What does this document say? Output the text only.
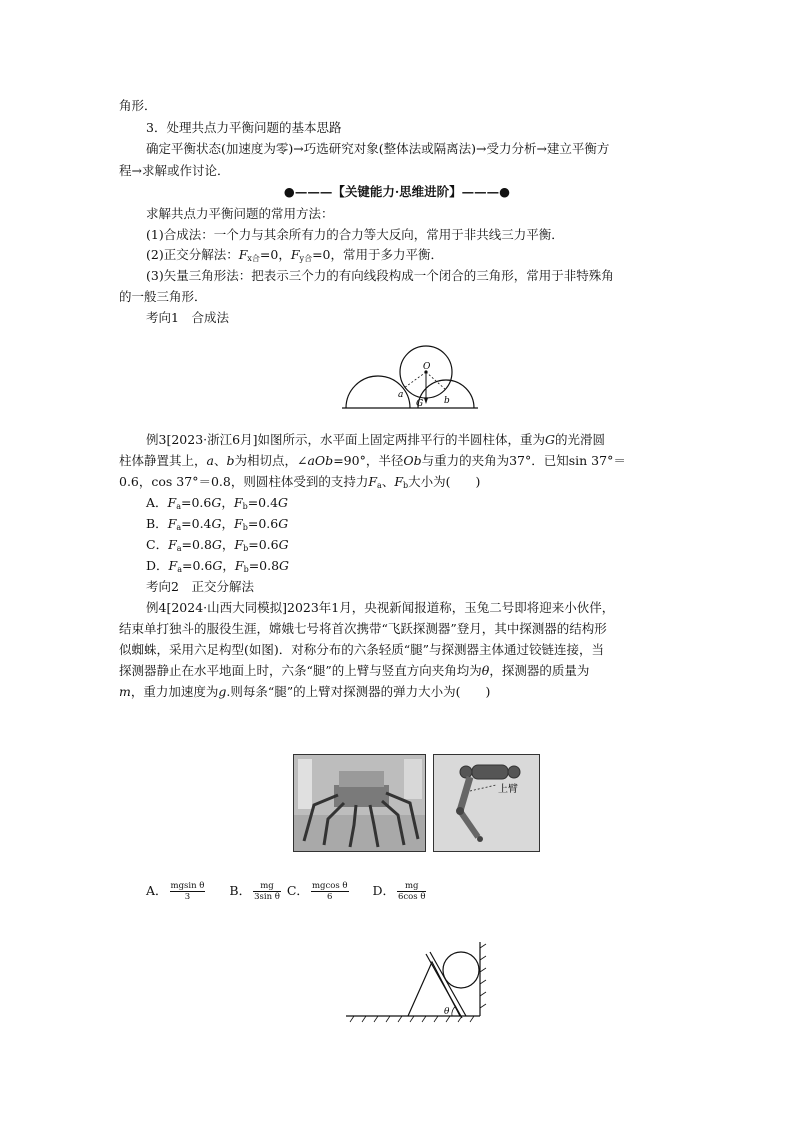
角形．
3．处理共点力平衡问题的基本思路
确定平衡状态(加速度为零)→巧选研究对象(整体法或隔离法)→受力分析→建立平衡方
程→求解或作讨论．
●———【关键能力·思维进阶】———●
求解共点力平衡问题的常用方法：
(1)合成法：一个力与其余所有力的合力等大反向，常用于非共线三力平衡．
(2)正交分解法：$F_{x合}=0$，$F_{y合}=0$，常用于多力平衡．
(3)矢量三角形法：把表示三个力的有向线段构成一个闭合的三角形，常用于非特殊角
的一般三角形．
考向1　合成法
O
a
G b
例3[2023·浙江6月]如图所示，水平面上固定两排平行的半圆柱体，重为G的光滑圆
柱体静置其上，a、b为相切点，∠aOb=90°，半径Ob与重力的夹角为37°．已知sin 37°＝
0.6，cos 37°＝0.8，则圆柱体受到的支持力$F_a$、$F_b$大小为(　　)
A．$F_a=0.6G$，$F_b=0.4G$
B．$F_a=0.4G$，$F_b=0.6G$
C．$F_a=0.8G$，$F_b=0.6G$
D．$F_a=0.6G$，$F_b=0.8G$
考向2　正交分解法
例4[2024·山西大同模拟]2023年1月，央视新闻报道称，玉兔二号即将迎来小伙伴，
结束单打独斗的服役生涯，嫦娥七号将首次携带“飞跃探测器”登月，其中探测器的结构形
似蜘蛛，采用六足构型(如图)．对称分布的六条轻质“腿”与探测器主体通过铰链连接，当
探测器静止在水平地面上时，六条“腿”的上臂与竖直方向夹角均为θ，探测器的质量为
m，重力加速度为g.则每条“腿”的上臂对探测器的弹力大小为(　　)
上臂
A． $\frac{\text{mgsin θ}}{3}$ B． $\frac{mg}{\text{3sin θ}}$ C． $\frac{\text{mgcos θ}}{6}$ D． $\frac{mg}{\text{6cos θ}}$
θ
